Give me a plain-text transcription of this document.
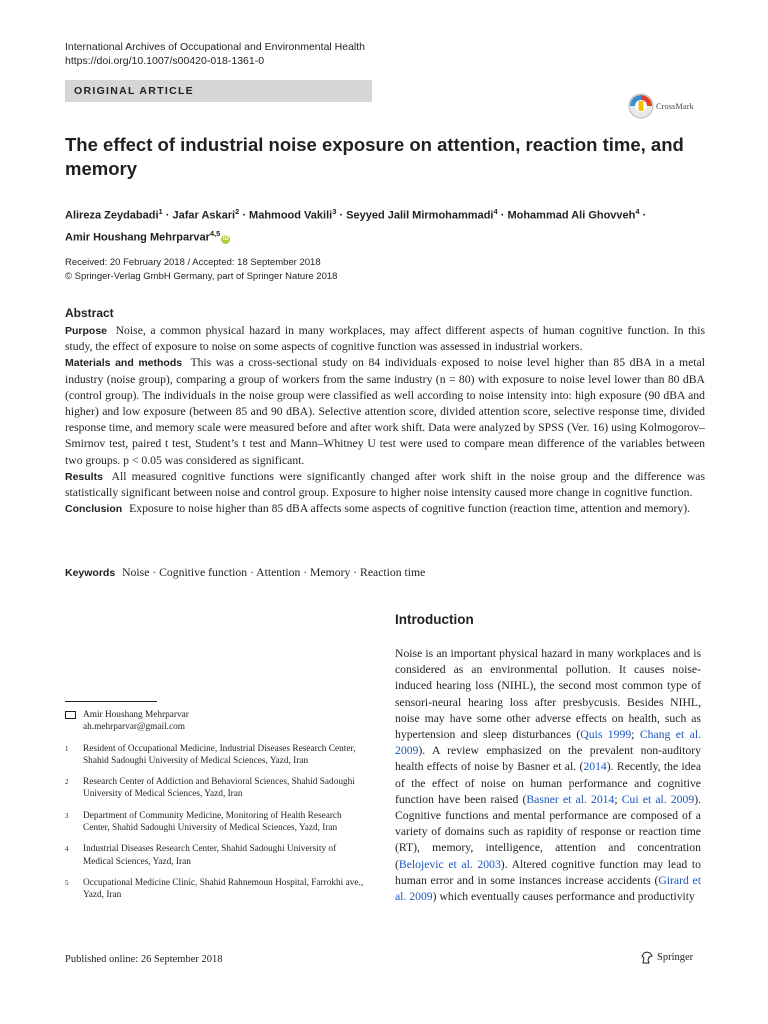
International Archives of Occupational and Environmental Health
https://doi.org/10.1007/s00420-018-1361-0
ORIGINAL ARTICLE
CrossMark
The effect of industrial noise exposure on attention, reaction time, and memory
Alireza Zeydabadi$^1$ · Jafar Askari$^2$ · Mahmood Vakili$^3$ · Seyyed Jalil Mirmohammadi$^4$ · Mohammad Ali Ghovveh$^4$ ·
Amir Houshang Mehrparvar$^{4,5}$iD
Received: 20 February 2018 / Accepted: 18 September 2018
© Springer-Verlag GmbH Germany, part of Springer Nature 2018
Abstract

Purpose Noise, a common physical hazard in many workplaces, may affect different aspects of human cognitive function. In this study, the effect of exposure to noise on some aspects of cognitive function was assessed in industrial workers.

Materials and methods This was a cross-sectional study on 84 individuals exposed to noise level higher than 85 dBA in a metal industry (noise group), comparing a group of workers from the same industry (n = 80) with exposure to noise level lower than 80 dBA (control group). The individuals in the noise group were classified as well according to noise intensity into: high exposure (90 dBA and higher) and low exposure (between 85 and 90 dBA). Selective attention score, divided attention score, selective response time, divided response time, and memory scale were measured before and after work shift. Data were analyzed by SPSS (Ver. 16) using Kolmogorov–Smirnov test, paired t test, Student’s t test and Mann–Whitney U test were used to compare mean difference of the variables between two groups. p < 0.05 was considered as significant.

Results All measured cognitive functions were significantly changed after work shift in the noise group and the difference was statistically significant between noise and control group. Exposure to higher noise intensity caused more change in cognitive function.

Conclusion Exposure to noise higher than 85 dBA affects some aspects of cognitive function (reaction time, attention and memory).

Keywords Noise · Cognitive function · Attention · Memory · Reaction time
Introduction
Noise is an important physical hazard in many workplaces and is considered as an environmental pollution. It causes noise-induced hearing loss (NIHL), the second most common type of sensori-neural hearing loss after presbycusis. Besides NIHL, noise may have some other adverse effects on health, such as hypertension and sleep disturbances (Quis 1999; Chang et al. 2009). A review emphasized on the prevalent non-auditory health effects of noise by Basner et al. (2014). Recently, the idea of the effect of noise on human performance and cognitive function have been raised (Basner et al. 2014; Cui et al. 2009). Cognitive functions and mental performance are composed of a variety of domains such as rapidity of response or reaction time (RT), memory, intelligence, attention and concentration (Belojevic et al. 2003). Altered cognitive function may lead to human error and in some instances increase accidents (Girard et al. 2009) which eventually causes performance and productivity
Amir Houshang Mehrparvar
ah.mehrparvar@gmail.com
1	Resident of Occupational Medicine, Industrial Diseases Research Center, Shahid Sadoughi University of Medical Sciences, Yazd, Iran
2	Research Center of Addiction and Behavioral Sciences, Shahid Sadoughi University of Medical Sciences, Yazd, Iran
3	Department of Community Medicine, Monitoring of Health Research Center, Shahid Sadoughi University of Medical Sciences, Yazd, Iran
4	Industrial Diseases Research Center, Shahid Sadoughi University of Medical Sciences, Yazd, Iran
5	Occupational Medicine Clinic, Shahid Rahnemoun Hospital, Farrokhi ave., Yazd, Iran
Published online: 26 September 2018	Springer
